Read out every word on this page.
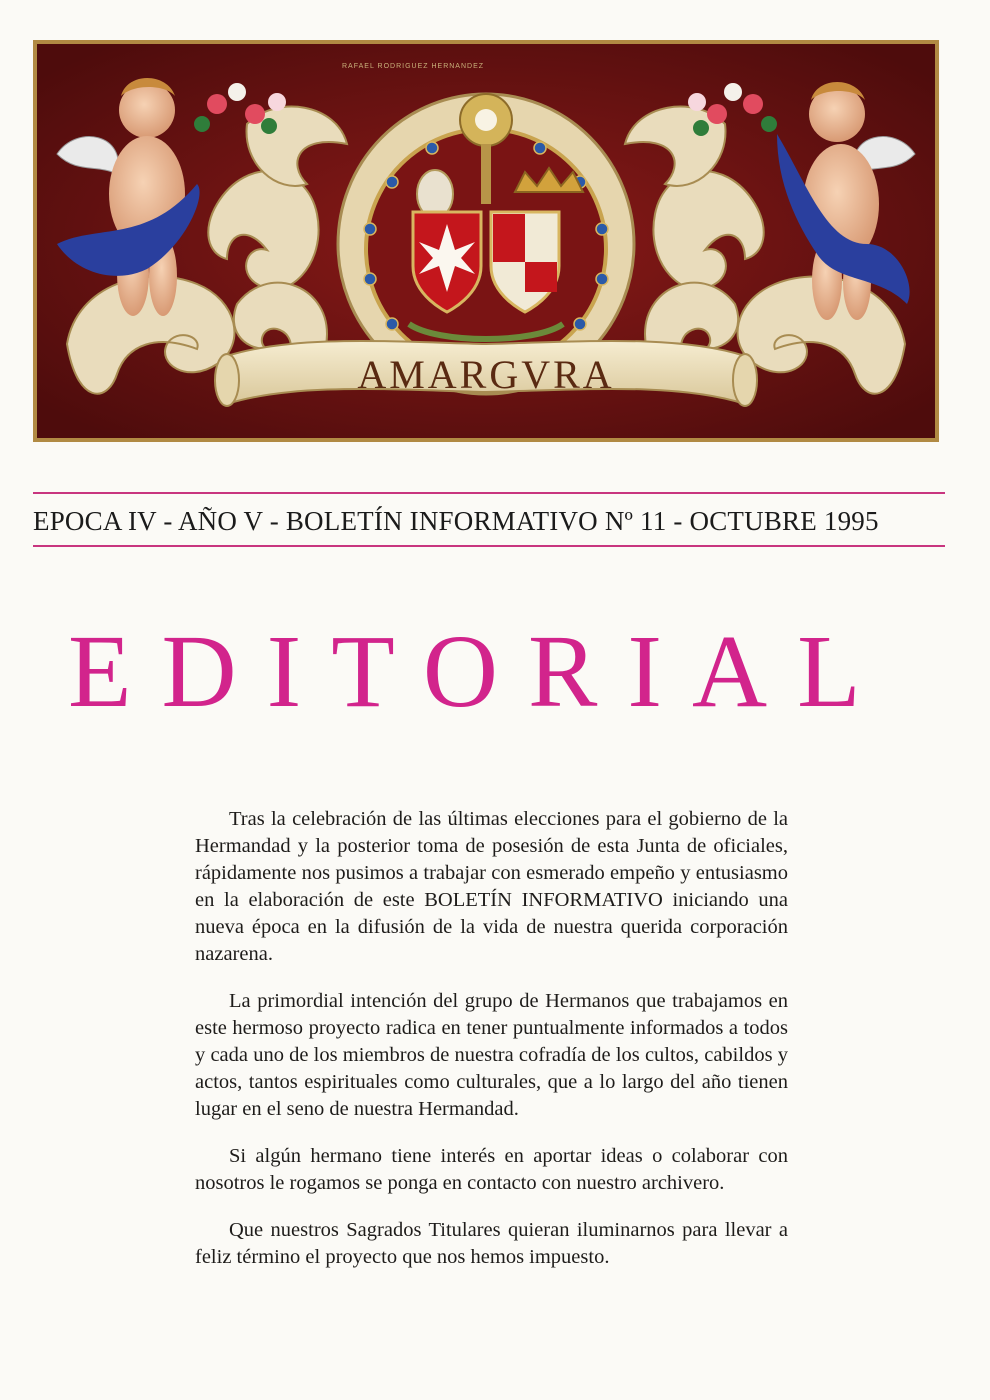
AMARGVRA
RAFAEL RODRIGUEZ HERNANDEZ
EPOCA IV - AÑO V - BOLETÍN INFORMATIVO Nº 11 - OCTUBRE 1995
EDITORIAL

Tras la celebración de las últimas elecciones para el gobierno de la Hermandad y la posterior toma de posesión de esta Junta de oficiales, rápidamente nos pusimos a trabajar con esmerado empeño y entusiasmo en la elaboración de este BOLETÍN INFORMATIVO iniciando una nueva época en la difusión de la vida de nuestra querida corporación nazarena.

La primordial intención del grupo de Hermanos que trabajamos en este hermoso proyecto radica en tener puntualmente informados a todos y cada uno de los miembros de nuestra cofradía de los cultos, cabildos y actos, tantos espirituales como culturales, que a lo largo del año tienen lugar en el seno de nuestra Hermandad.

Si algún hermano tiene interés en aportar ideas o colaborar con nosotros le rogamos se ponga en contacto con nuestro archivero.

Que nuestros Sagrados Titulares quieran iluminarnos para llevar a feliz término el proyecto que nos hemos impuesto.
